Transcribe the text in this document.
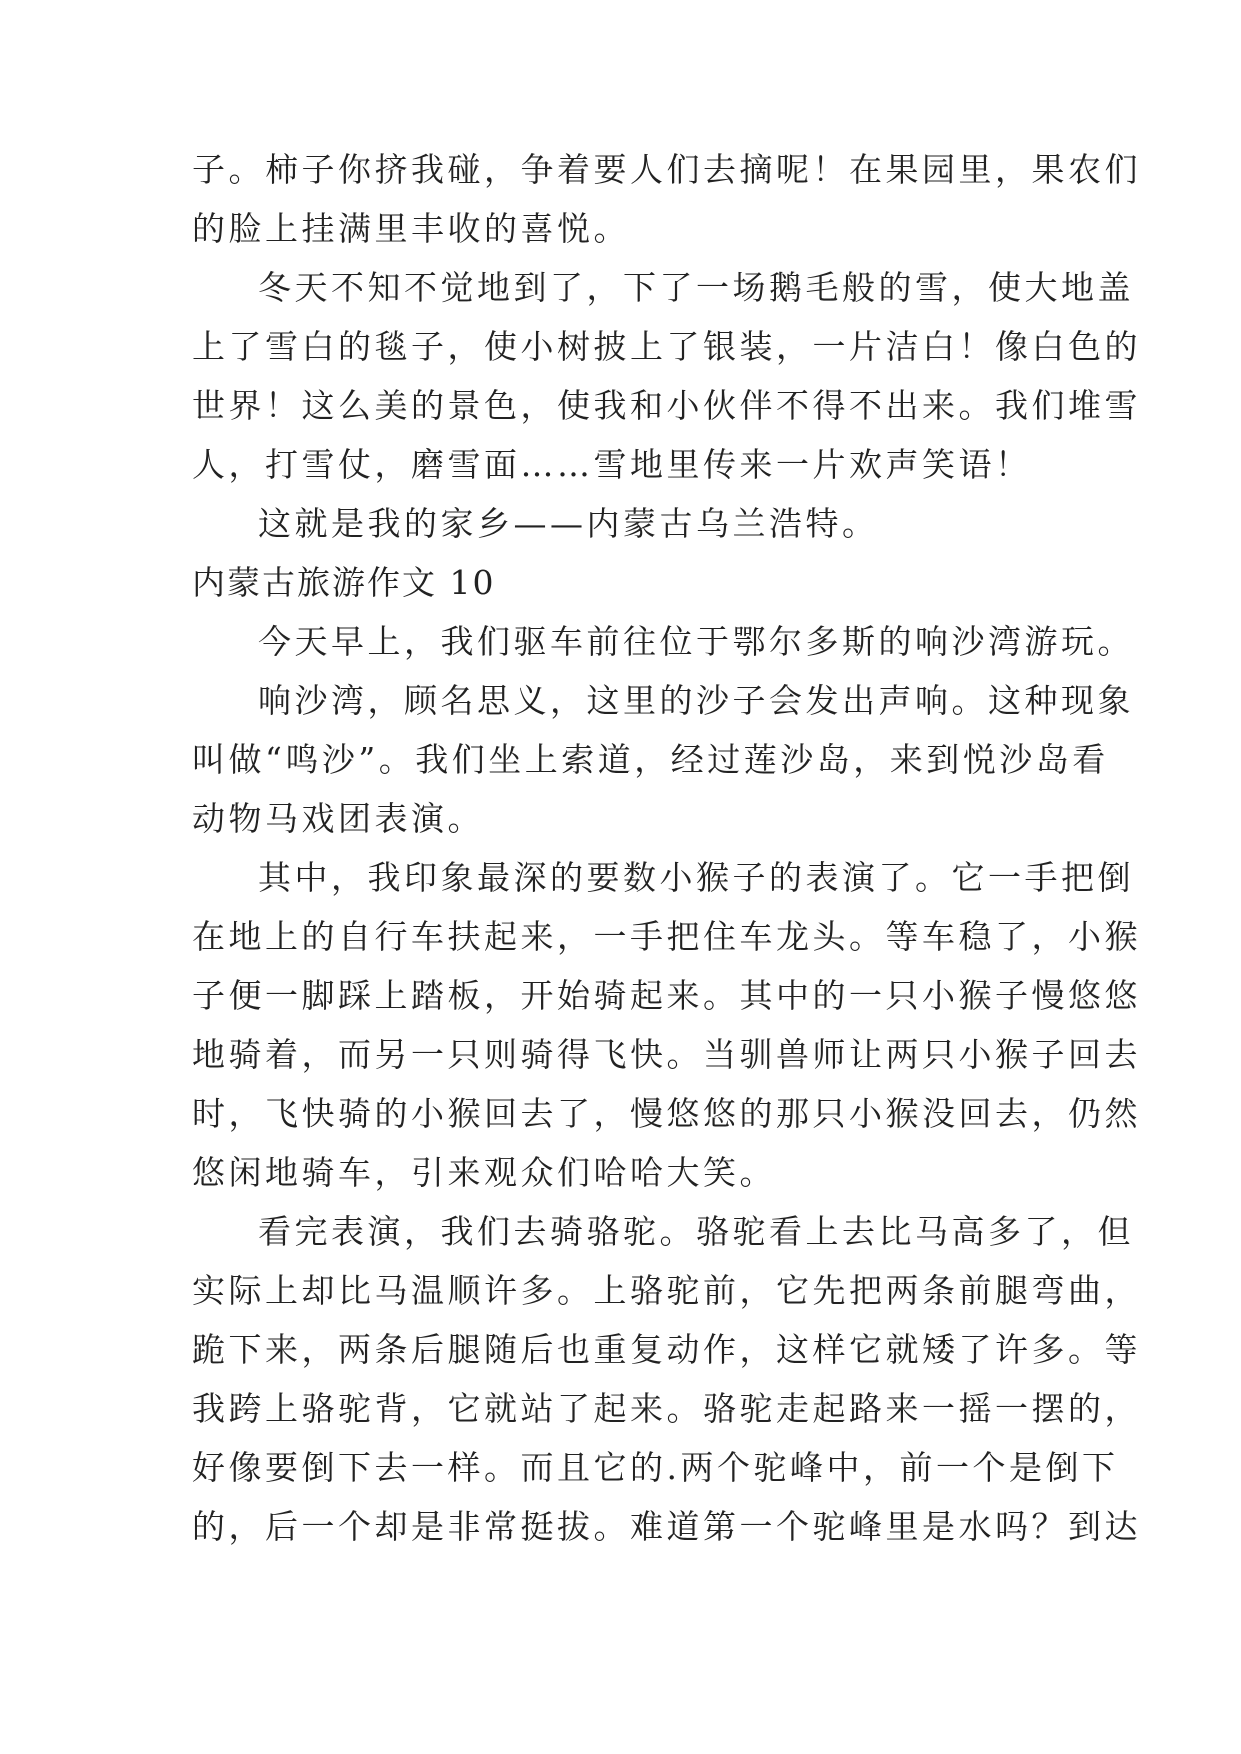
子。柿子你挤我碰，争着要人们去摘呢！在果园里，果农们
的脸上挂满里丰收的喜悦。
冬天不知不觉地到了，下了一场鹅毛般的雪，使大地盖
上了雪白的毯子，使小树披上了银装，一片洁白！像白色的
世界！这么美的景色，使我和小伙伴不得不出来。我们堆雪
人，打雪仗，磨雪面……雪地里传来一片欢声笑语！
这就是我的家乡——内蒙古乌兰浩特。
内蒙古旅游作文 10
今天早上，我们驱车前往位于鄂尔多斯的响沙湾游玩。
响沙湾，顾名思义，这里的沙子会发出声响。这种现象
叫做“鸣沙”。我们坐上索道，经过莲沙岛，来到悦沙岛看
动物马戏团表演。
其中，我印象最深的要数小猴子的表演了。它一手把倒
在地上的自行车扶起来，一手把住车龙头。等车稳了，小猴
子便一脚踩上踏板，开始骑起来。其中的一只小猴子慢悠悠
地骑着，而另一只则骑得飞快。当驯兽师让两只小猴子回去
时，飞快骑的小猴回去了，慢悠悠的那只小猴没回去，仍然
悠闲地骑车，引来观众们哈哈大笑。
看完表演，我们去骑骆驼。骆驼看上去比马高多了，但
实际上却比马温顺许多。上骆驼前，它先把两条前腿弯曲，
跪下来，两条后腿随后也重复动作，这样它就矮了许多。等
我跨上骆驼背，它就站了起来。骆驼走起路来一摇一摆的，
好像要倒下去一样。而且它的.两个驼峰中，前一个是倒下
的，后一个却是非常挺拔。难道第一个驼峰里是水吗？到达
